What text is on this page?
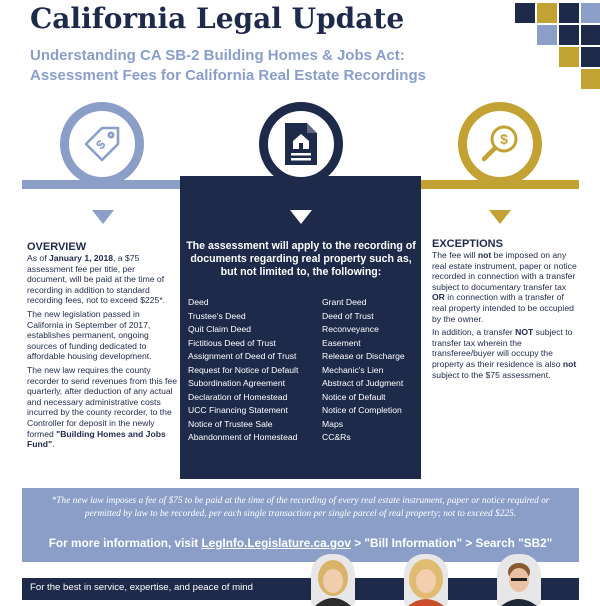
California Legal Update
Understanding CA SB-2 Building Homes & Jobs Act:
Assessment Fees for California Real Estate Recordings
$	$
OVERVIEW

As of January 1, 2018, a $75 assessment fee per title, per document, will be paid at the time of recording in addition to standard recording fees, not to exceed $225*.

The new legislation passed in California in September of 2017, establishes permanent, ongoing sources of funding dedicated to affordable housing development.

The new law requires the county recorder to send revenues from this fee quarterly, after deduction of any actual and necessary administrative costs incurred by the county recorder, to the Controller for deposit in the newly formed "Building Homes and Jobs Fund".

The assessment will apply to the recording of documents regarding real property such as, but not limited to, the following:
Deed
Trustee's Deed
Quit Claim Deed
Fictitious Deed of Trust
Assignment of Deed of Trust
Request for Notice of Default
Subordination Agreement
Declaration of Homestead
UCC Financing Statement
Notice of Trustee Sale
Abandonment of Homestead
Grant Deed
Deed of Trust
Reconveyance
Easement
Release or Discharge
Mechanic's Lien
Abstract of Judgment
Notice of Default
Notice of Completion
Maps
CC&Rs
EXCEPTIONS

The fee will not be imposed on any real estate instrument, paper or notice recorded in connection with a transfer subject to documentary transfer tax OR in connection with a transfer of real property intended to be occupied by the owner.

In addition, a transfer NOT subject to transfer tax wherein the transferee/buyer will occupy the property as their residence is also not subject to the $75 assessment.

*The new law imposes a fee of $75 to be paid at the time of the recording of every real estate instrument, paper or notice required or permitted by law to be recorded, per each single transaction per single parcel of real property; not to exceed $225.
For more information, visit LegInfo.Legislature.ca.gov > "Bill Information" > Search "SB2"
For the best in service, expertise, and peace of mind
